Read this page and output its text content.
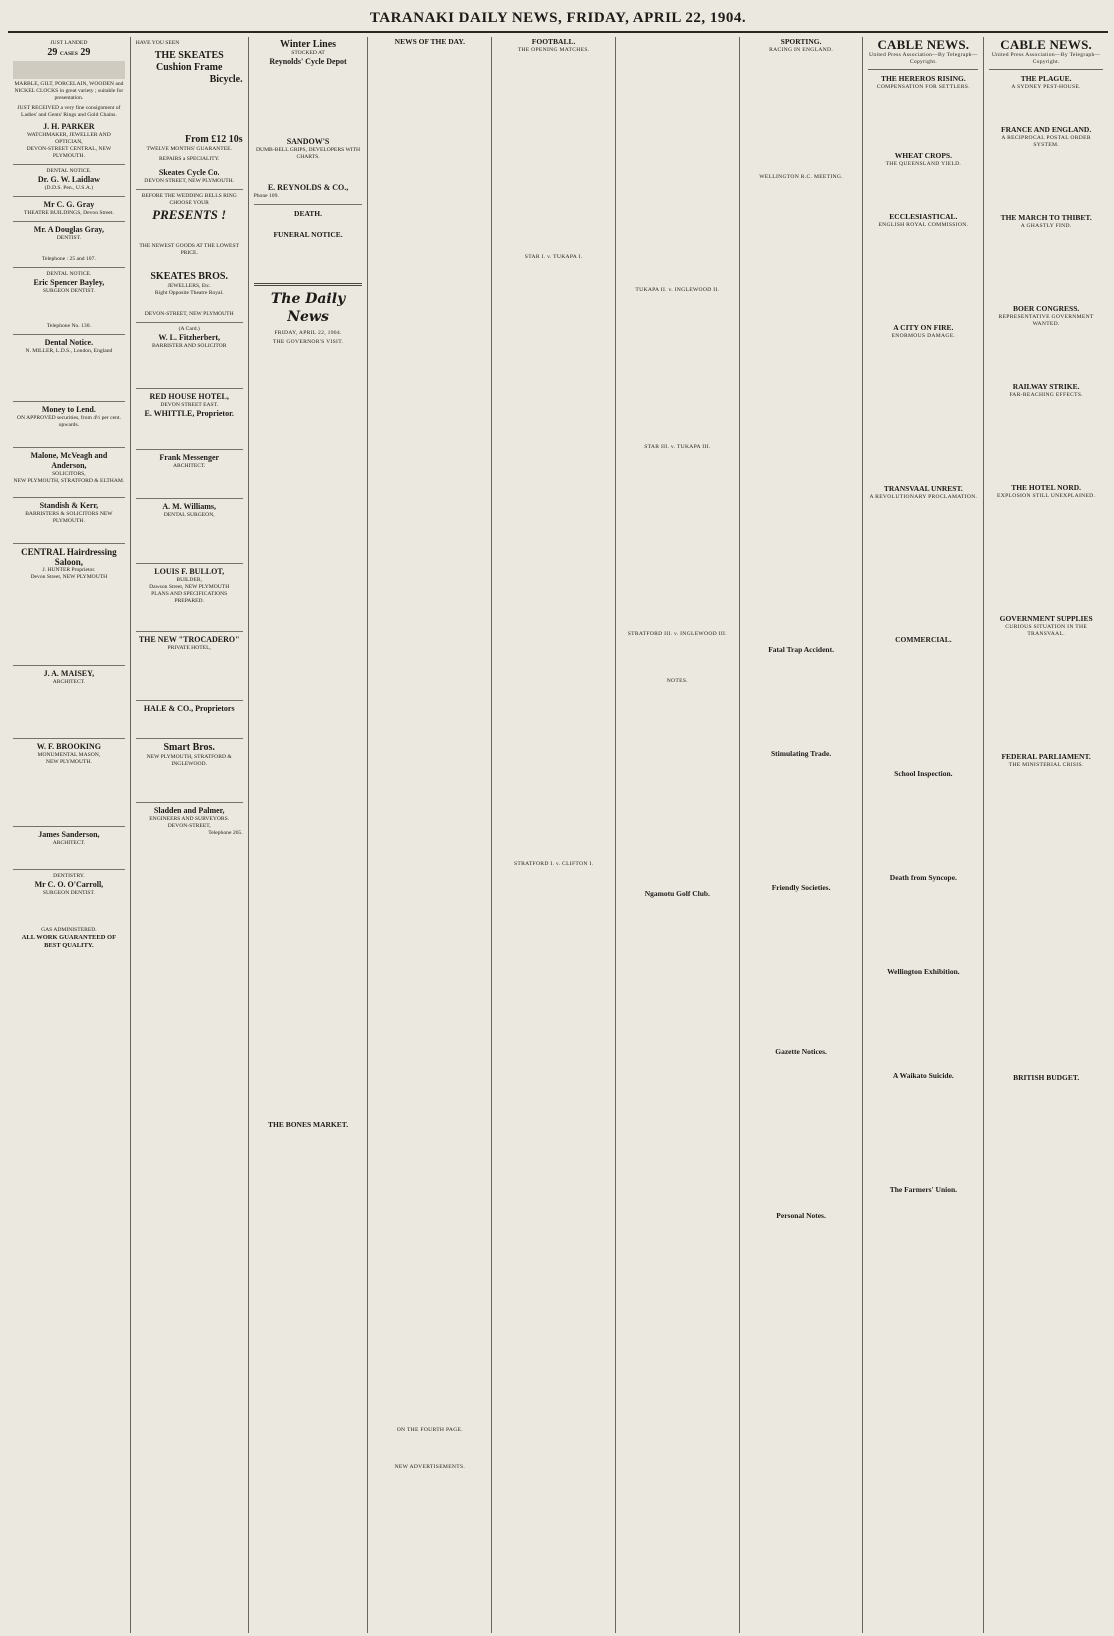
TARANAKI DAILY NEWS, FRIDAY, APRIL 22, 1904.
JUST LANDED
29 CASES 29
MARBLE, GILT, PORCELAIN, WOODEN and NICKEL CLOCKS in great variety ; suitable for presentation.
JUST RECEIVED a very fine consignment of Ladies' and Gents' Rings and Gold Chains.
J. H. PARKER
WATCHMAKER, JEWELLER AND OPTICIAN,
DEVON-STREET CENTRAL, NEW PLYMOUTH.
DENTAL NOTICE.
Dr. G. W. Laidlaw
(D.D.S. Pen., U.S.A.)
Mr C. G. Gray
THEATRE BUILDINGS, Devon Street.
Mr. A Douglas Gray,
DENTIST.
Telephone : 25 and 107.
DENTAL NOTICE.
Eric Spencer Bayley,
SURGEON DENTIST.
Telephone No. 130.
Dental Notice.
N. MILLER, L.D.S., London, England
Money to Lend.
ON APPROVED securities, from 4½ per cent. upwards.
Malone, McVeagh and Anderson,
SOLICITORS,
NEW PLYMOUTH, STRATFORD & ELTHAM.
Standish & Kerr,
BARRISTERS & SOLICITORS NEW PLYMOUTH.
CENTRAL Hairdressing Saloon,
J. HUNTER Proprietor.
Devon Street, NEW PLYMOUTH
J. A. MAISEY,
ARCHITECT.
W. F. BROOKING
MONUMENTAL MASON,
NEW PLYMOUTH.
James Sanderson,
ARCHITECT.
DENTISTRY.
Mr C. O. O'Carroll,
SURGEON DENTIST.
GAS ADMINISTERED.
ALL WORK GUARANTEED OF BEST QUALITY.
HAVE YOU SEEN
THE SKEATES Cushion Frame
Bicycle.
From £12 10s
TWELVE MONTHS' GUARANTEE.
REPAIRS a SPECIALITY.
Skeates Cycle Co.
DEVON STREET, NEW PLYMOUTH.
BEFORE THE WEDDING BELLS RING CHOOSE YOUR
PRESENTS !
THE NEWEST GOODS AT THE LOWEST PRICE.
SKEATES BROS.
JEWELLERS, Etc.
Right Opposite Theatre Royal.
DEVON-STREET, NEW PLYMOUTH
(A Card.)
W. L. Fitzherbert,
BARRISTER AND SOLICITOR
RED HOUSE HOTEL,
DEVON STREET EAST.
E. WHITTLE, Proprietor.
Frank Messenger
ARCHITECT.
A. M. Williams,
DENTAL SURGEON,
LOUIS F. BULLOT,
BUILDER,
Dawson Street, NEW PLYMOUTH
PLANS AND SPECIFICATIONS PREPARED.
THE NEW "TROCADERO"
PRIVATE HOTEL,
HALE & CO., Proprietors
Smart Bros.
NEW PLYMOUTH, STRATFORD & INGLEWOOD.
Sladden and Palmer,
ENGINEERS AND SURVEYORS.
DEVON-STREET,
Telephone 265.
Winter Lines
STOCKED AT
Reynolds' Cycle Depot
SANDOW'S
DUMB-BELL GRIPS, DEVELOPERS WITH CHARTS.
E. REYNOLDS & CO.,
Phone 109.
DEATH.

FUNERAL NOTICE.
The Daily News
FRIDAY, APRIL 22, 1904.
THE GOVERNOR'S VISIT.
THE BONES MARKET.
NEWS OF THE DAY.
ON THE FOURTH PAGE.
NEW ADVERTISEMENTS.
FOOTBALL.
THE OPENING MATCHES.
STAR I. v. TUKAPA I.
STRATFORD I. v. CLIFTON I.
TUKAPA II. v. INGLEWOOD II.
STAR III. v. TUKAPA III.
STRATFORD III. v. INGLEWOOD III.
NOTES.
Ngamotu Golf Club.
SPORTING.
RACING IN ENGLAND.
WELLINGTON R.C. MEETING.
Fatal Trap Accident.
Stimulating Trade.
Friendly Societies.
Gazette Notices.
Personal Notes.
CABLE NEWS.
United Press Association—By Telegraph—Copyright.
THE HEREROS RISING.
COMPENSATION FOR SETTLERS.
WHEAT CROPS.
THE QUEENSLAND YIELD.
ECCLESIASTICAL.
ENGLISH ROYAL COMMISSION.
A CITY ON FIRE.
ENORMOUS DAMAGE.
TRANSVAAL UNREST.
A REVOLUTIONARY PROCLAMATION.
COMMERCIAL.
School Inspection.
Death from Syncope.
Wellington Exhibition.
A Waikato Suicide.
The Farmers' Union.
CABLE NEWS.
United Press Association—By Telegraph—Copyright.
THE PLAGUE.
A SYDNEY PEST-HOUSE.
FRANCE AND ENGLAND.
A RECIPROCAL POSTAL ORDER SYSTEM.
THE MARCH TO THIBET.
A GHASTLY FIND.
BOER CONGRESS.
REPRESENTATIVE GOVERNMENT WANTED.
RAILWAY STRIKE.
FAR-REACHING EFFECTS.
THE HOTEL NORD.
EXPLOSION STILL UNEXPLAINED.
GOVERNMENT SUPPLIES
CURIOUS SITUATION IN THE TRANSVAAL.
FEDERAL PARLIAMENT.
THE MINISTERIAL CRISIS.
BRITISH BUDGET.
